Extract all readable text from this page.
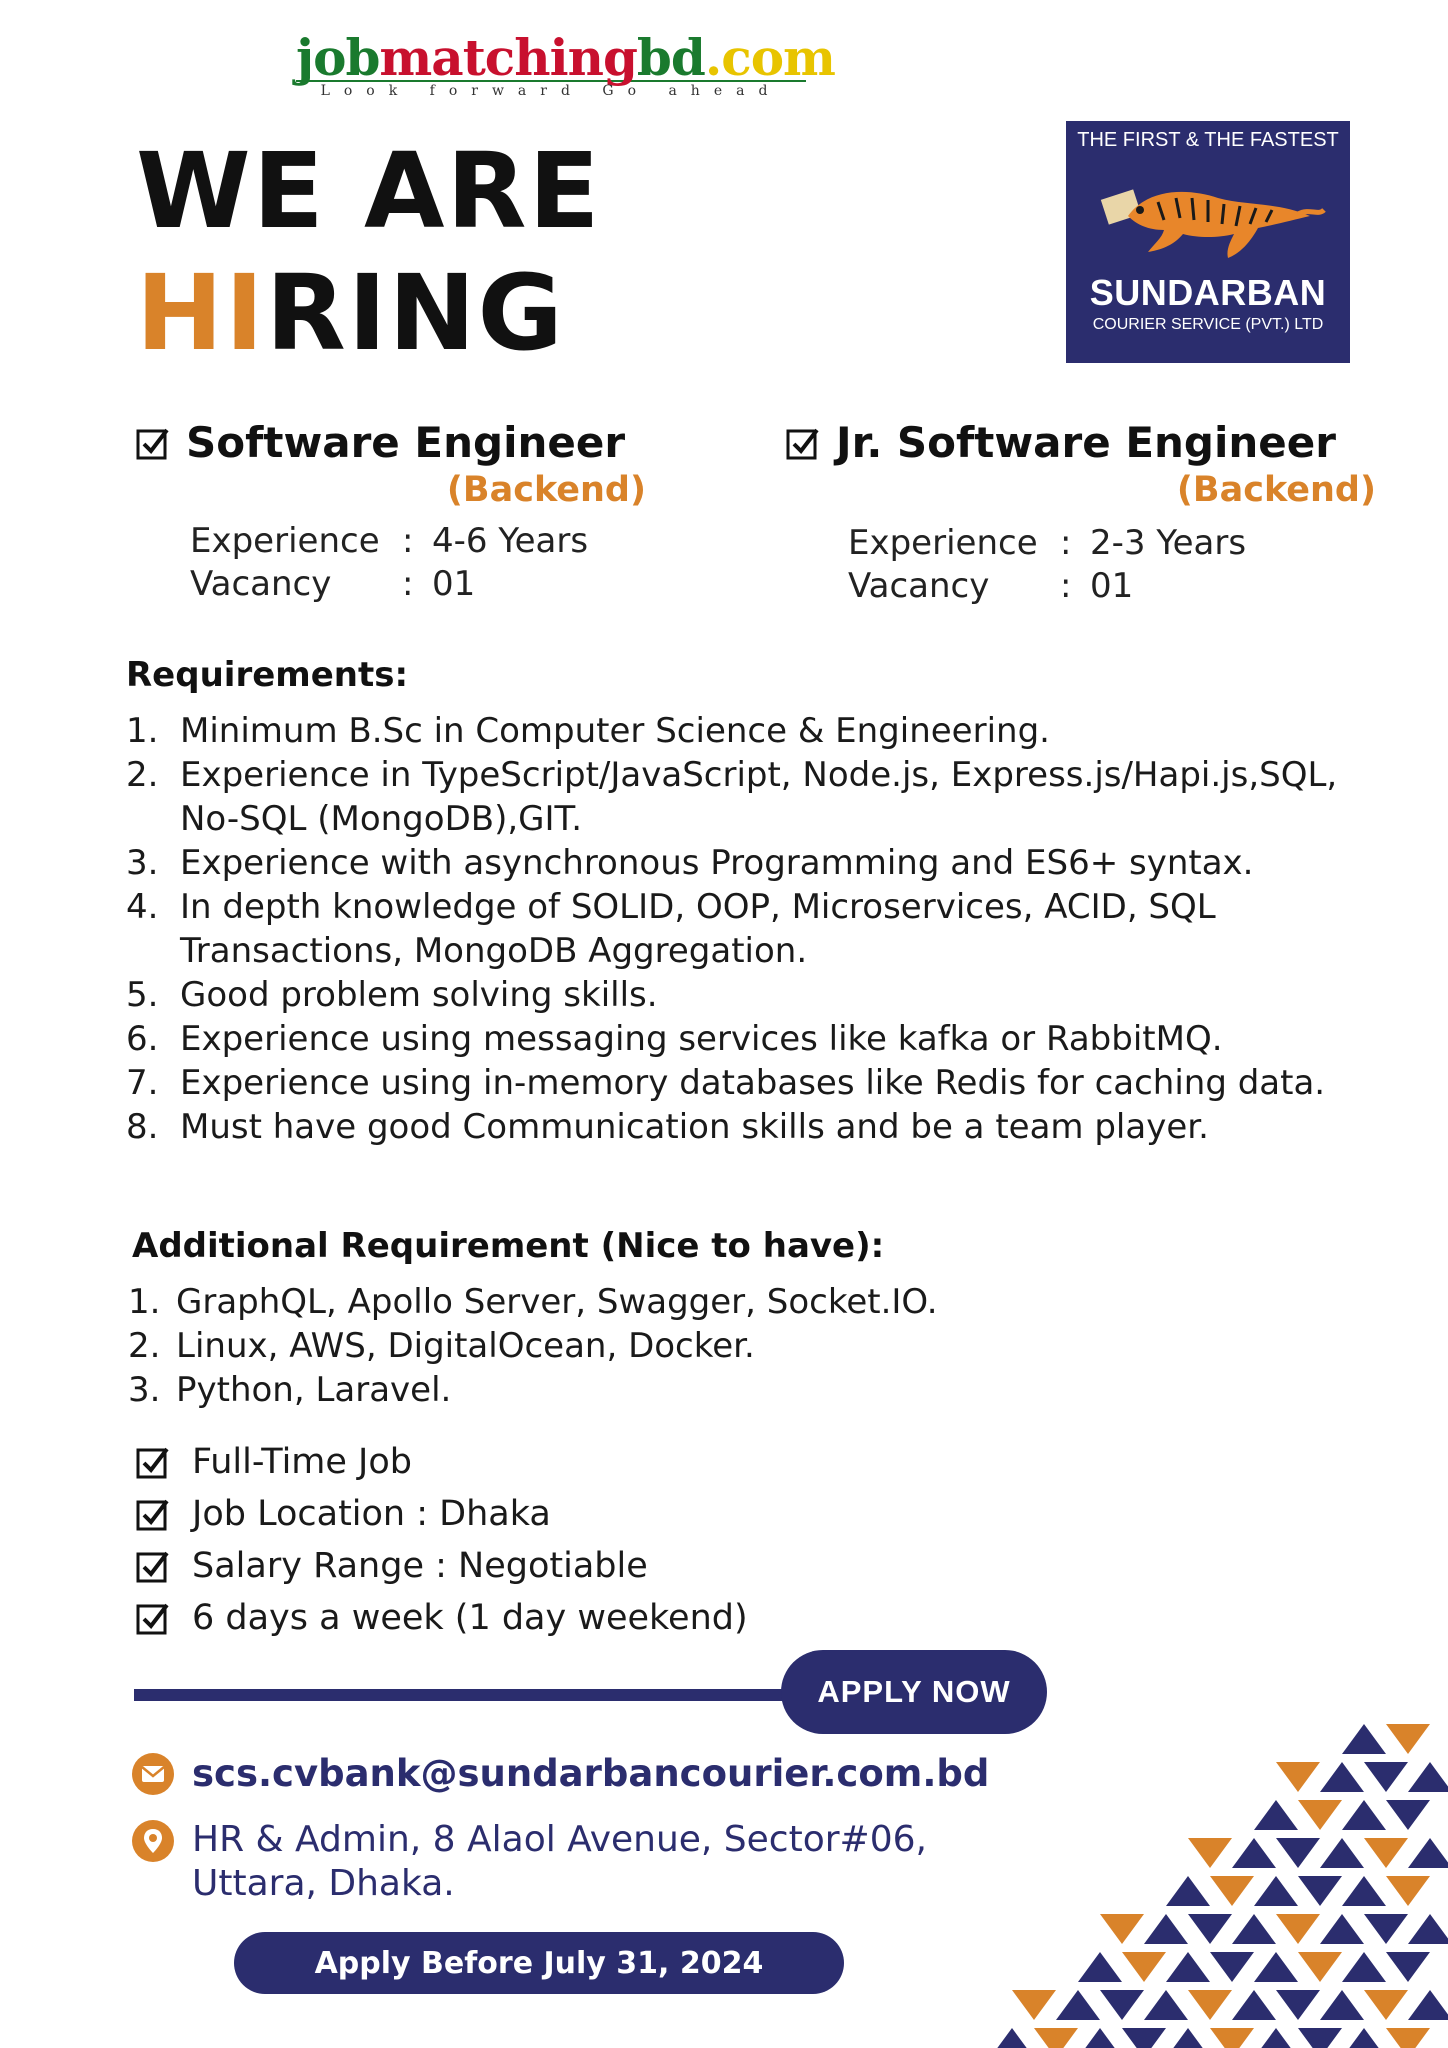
jobmatchingbd.com
Look forward Go ahead
WE ARE
HIRING
THE FIRST & THE FASTEST
SUNDARBAN
COURIER SERVICE (PVT.) LTD
Software Engineer
(Backend)
Experience : 4-6 Years
Vacancy	: 01
Jr. Software Engineer
(Backend)
Experience : 2-3 Years
Vacancy	: 01
Requirements:
1. Minimum B.Sc in Computer Science & Engineering.
2. Experience in TypeScript/JavaScript, Node.js, Express.js/Hapi.js,SQL, No-SQL (MongoDB),GIT.
3. Experience with asynchronous Programming and ES6+ syntax.
4. In depth knowledge of SOLID, OOP, Microservices, ACID, SQL Transactions, MongoDB Aggregation.
5. Good problem solving skills.
6. Experience using messaging services like kafka or RabbitMQ.
7. Experience using in-memory databases like Redis for caching data.
8. Must have good Communication skills and be a team player.
Additional Requirement (Nice to have):
1. GraphQL, Apollo Server, Swagger, Socket.IO.
2. Linux, AWS, DigitalOcean, Docker.
3. Python, Laravel.
Full-Time Job
Job Location : Dhaka
Salary Range : Negotiable
6 days a week (1 day weekend)
APPLY NOW
scs.cvbank@sundarbancourier.com.bd
HR & Admin, 8 Alaol Avenue, Sector#06,
Uttara, Dhaka.
Apply Before July 31, 2024
